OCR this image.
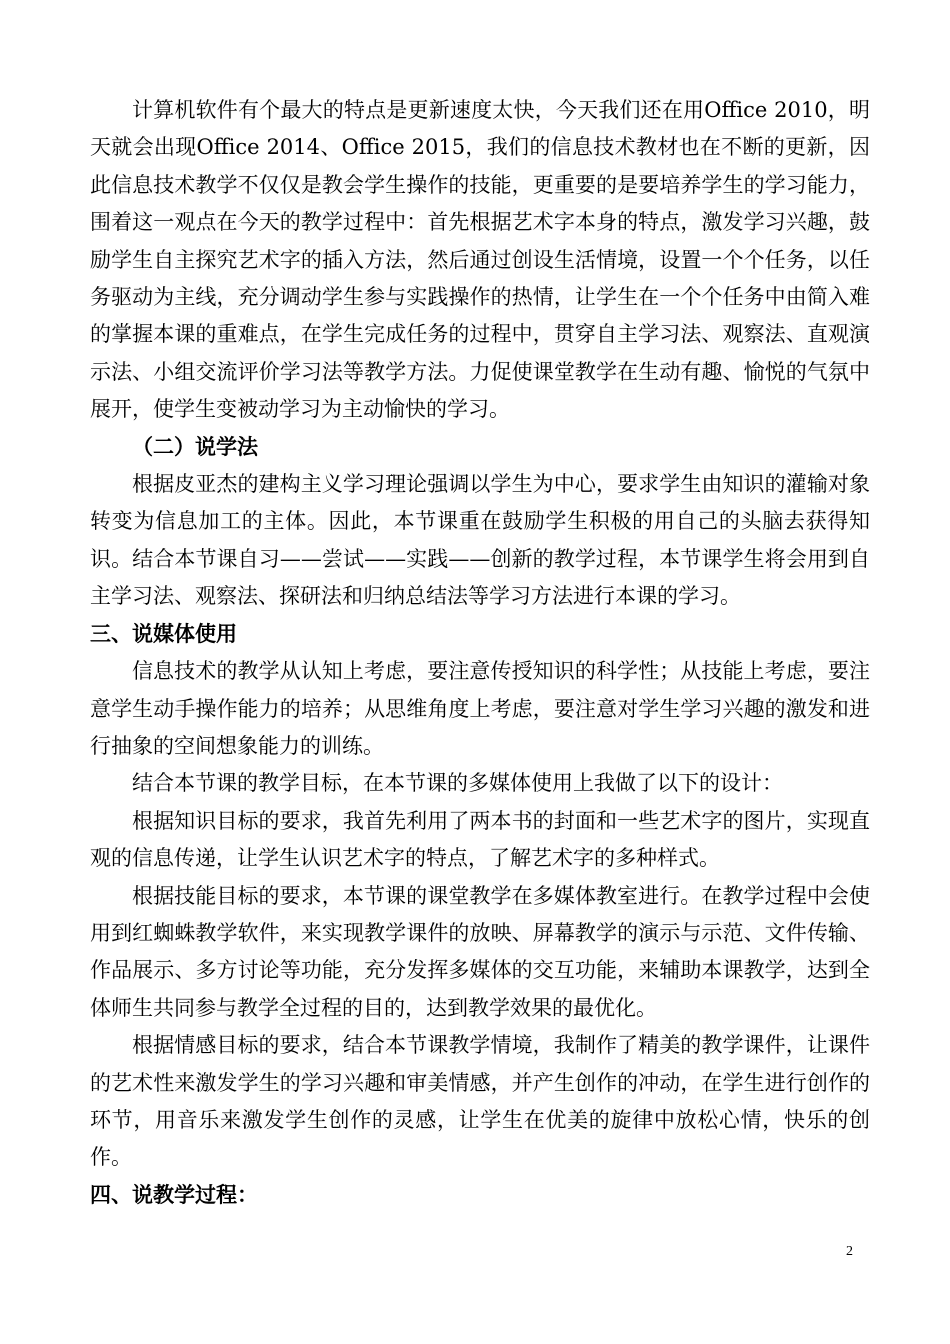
计算机软件有个最大的特点是更新速度太快，今天我们还在用Office 2010，明天就会出现Office 2014、Office 2015，我们的信息技术教材也在不断的更新，因此信息技术教学不仅仅是教会学生操作的技能，更重要的是要培养学生的学习能力，围着这一观点在今天的教学过程中：首先根据艺术字本身的特点，激发学习兴趣，鼓励学生自主探究艺术字的插入方法，然后通过创设生活情境，设置一个个任务，以任务驱动为主线，充分调动学生参与实践操作的热情，让学生在一个个任务中由简入难的掌握本课的重难点，在学生完成任务的过程中，贯穿自主学习法、观察法、直观演示法、小组交流评价学习法等教学方法。力促使课堂教学在生动有趣、愉悦的气氛中展开，使学生变被动学习为主动愉快的学习。

（二）说学法

根据皮亚杰的建构主义学习理论强调以学生为中心，要求学生由知识的灌输对象转变为信息加工的主体。因此，本节课重在鼓励学生积极的用自己的头脑去获得知识。结合本节课自习——尝试——实践——创新的教学过程，本节课学生将会用到自主学习法、观察法、探研法和归纳总结法等学习方法进行本课的学习。

三、说媒体使用

信息技术的教学从认知上考虑，要注意传授知识的科学性；从技能上考虑，要注意学生动手操作能力的培养；从思维角度上考虑，要注意对学生学习兴趣的激发和进行抽象的空间想象能力的训练。

结合本节课的教学目标，在本节课的多媒体使用上我做了以下的设计：

根据知识目标的要求，我首先利用了两本书的封面和一些艺术字的图片，实现直观的信息传递，让学生认识艺术字的特点，了解艺术字的多种样式。

根据技能目标的要求，本节课的课堂教学在多媒体教室进行。在教学过程中会使用到红蜘蛛教学软件，来实现教学课件的放映、屏幕教学的演示与示范、文件传输、作品展示、多方讨论等功能，充分发挥多媒体的交互功能，来辅助本课教学，达到全体师生共同参与教学全过程的目的，达到教学效果的最优化。

根据情感目标的要求，结合本节课教学情境，我制作了精美的教学课件，让课件的艺术性来激发学生的学习兴趣和审美情感，并产生创作的冲动，在学生进行创作的环节，用音乐来激发学生创作的灵感，让学生在优美的旋律中放松心情，快乐的创作。

四、说教学过程：

2
